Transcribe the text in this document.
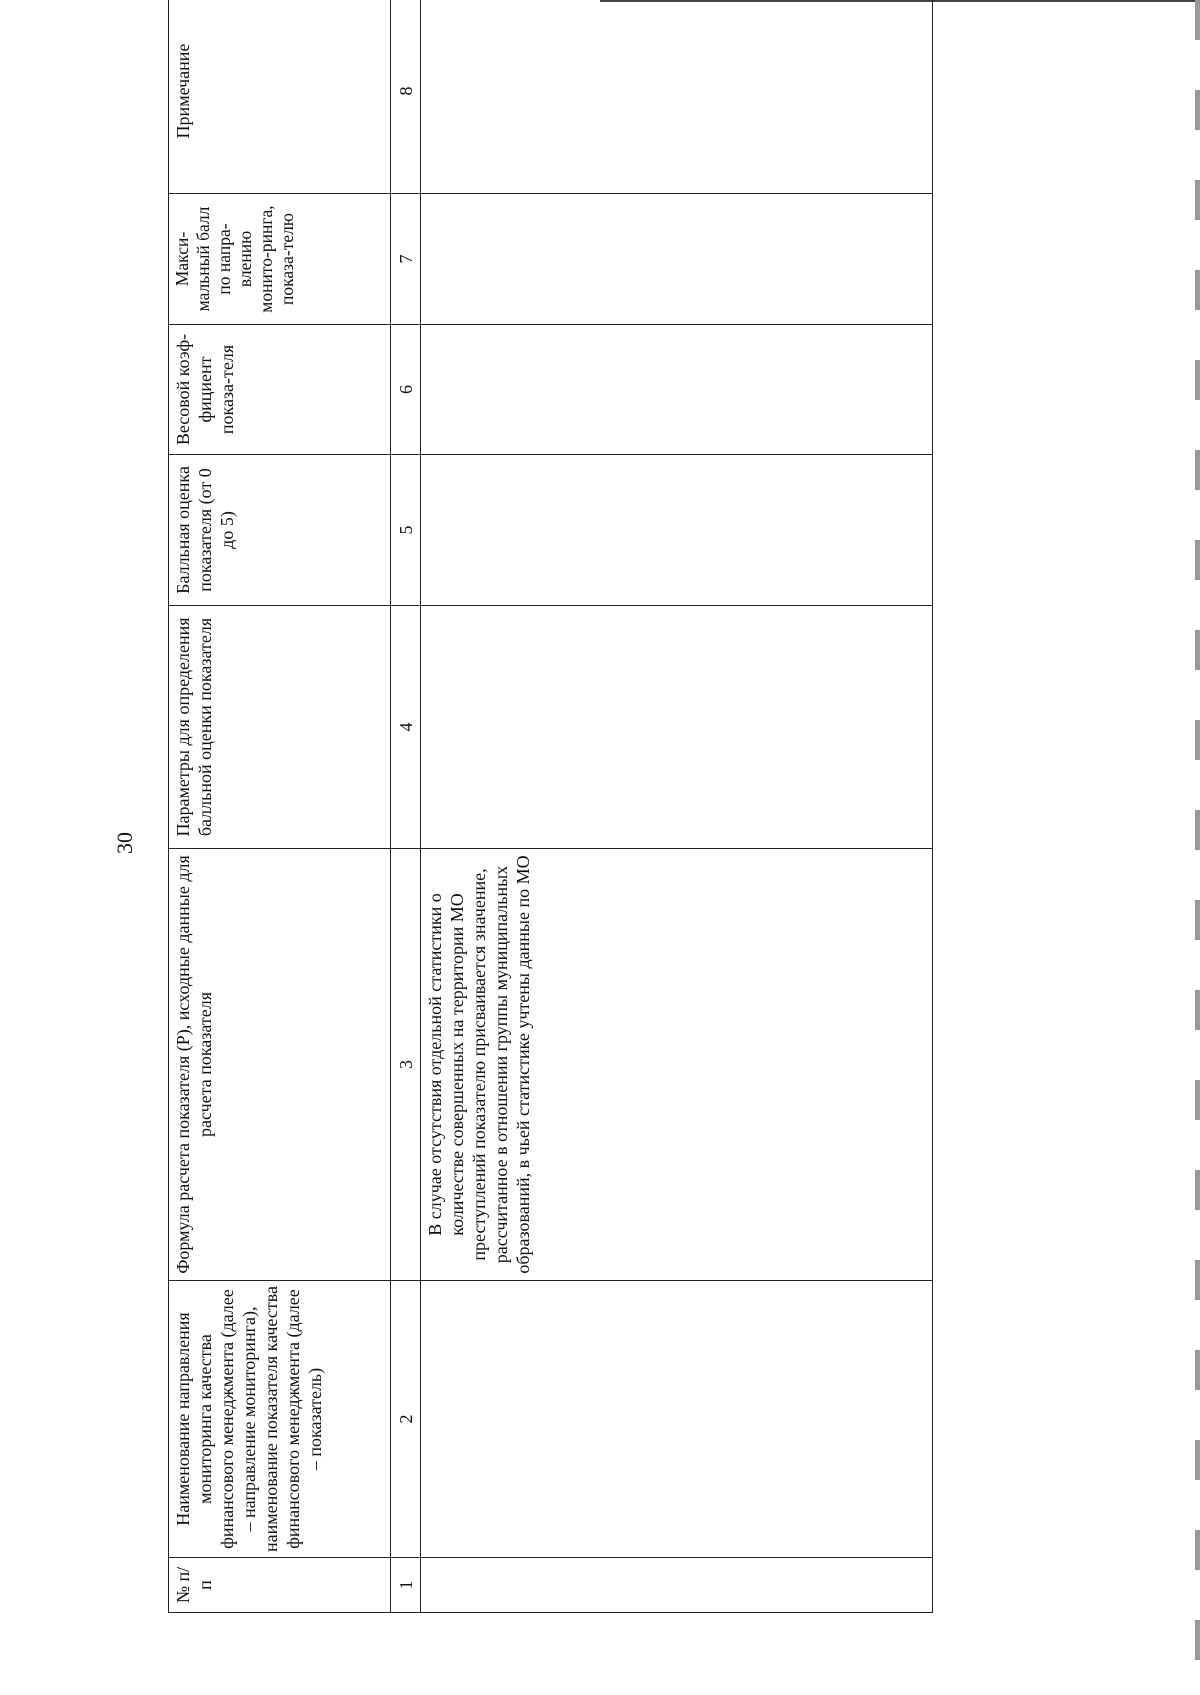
30
№ п/п	Наименование направления мониторинга качества финансового менеджмента (далее – направление мониторинга), наименование показателя качества финансового менеджмента (далее – показатель)	Формула расчета показателя (Р), исходные данные для расчета показателя	Параметры для определения балльной оценки показателя	Балльная оценка показателя (от 0 до 5)	Весовой коэф-фициент показа-теля	Макси-мальный балл по напра-влению монито-ринга, показа-телю	Примечание
1	2	3	4	5	6	7	8
		В случае отсутствия отдельной статистики о количестве совершенных на территории МО преступлений показателю присваивается значение, рассчитанное в отношении группы муниципальных образований, в чьей статистике учтены данные по МО					
